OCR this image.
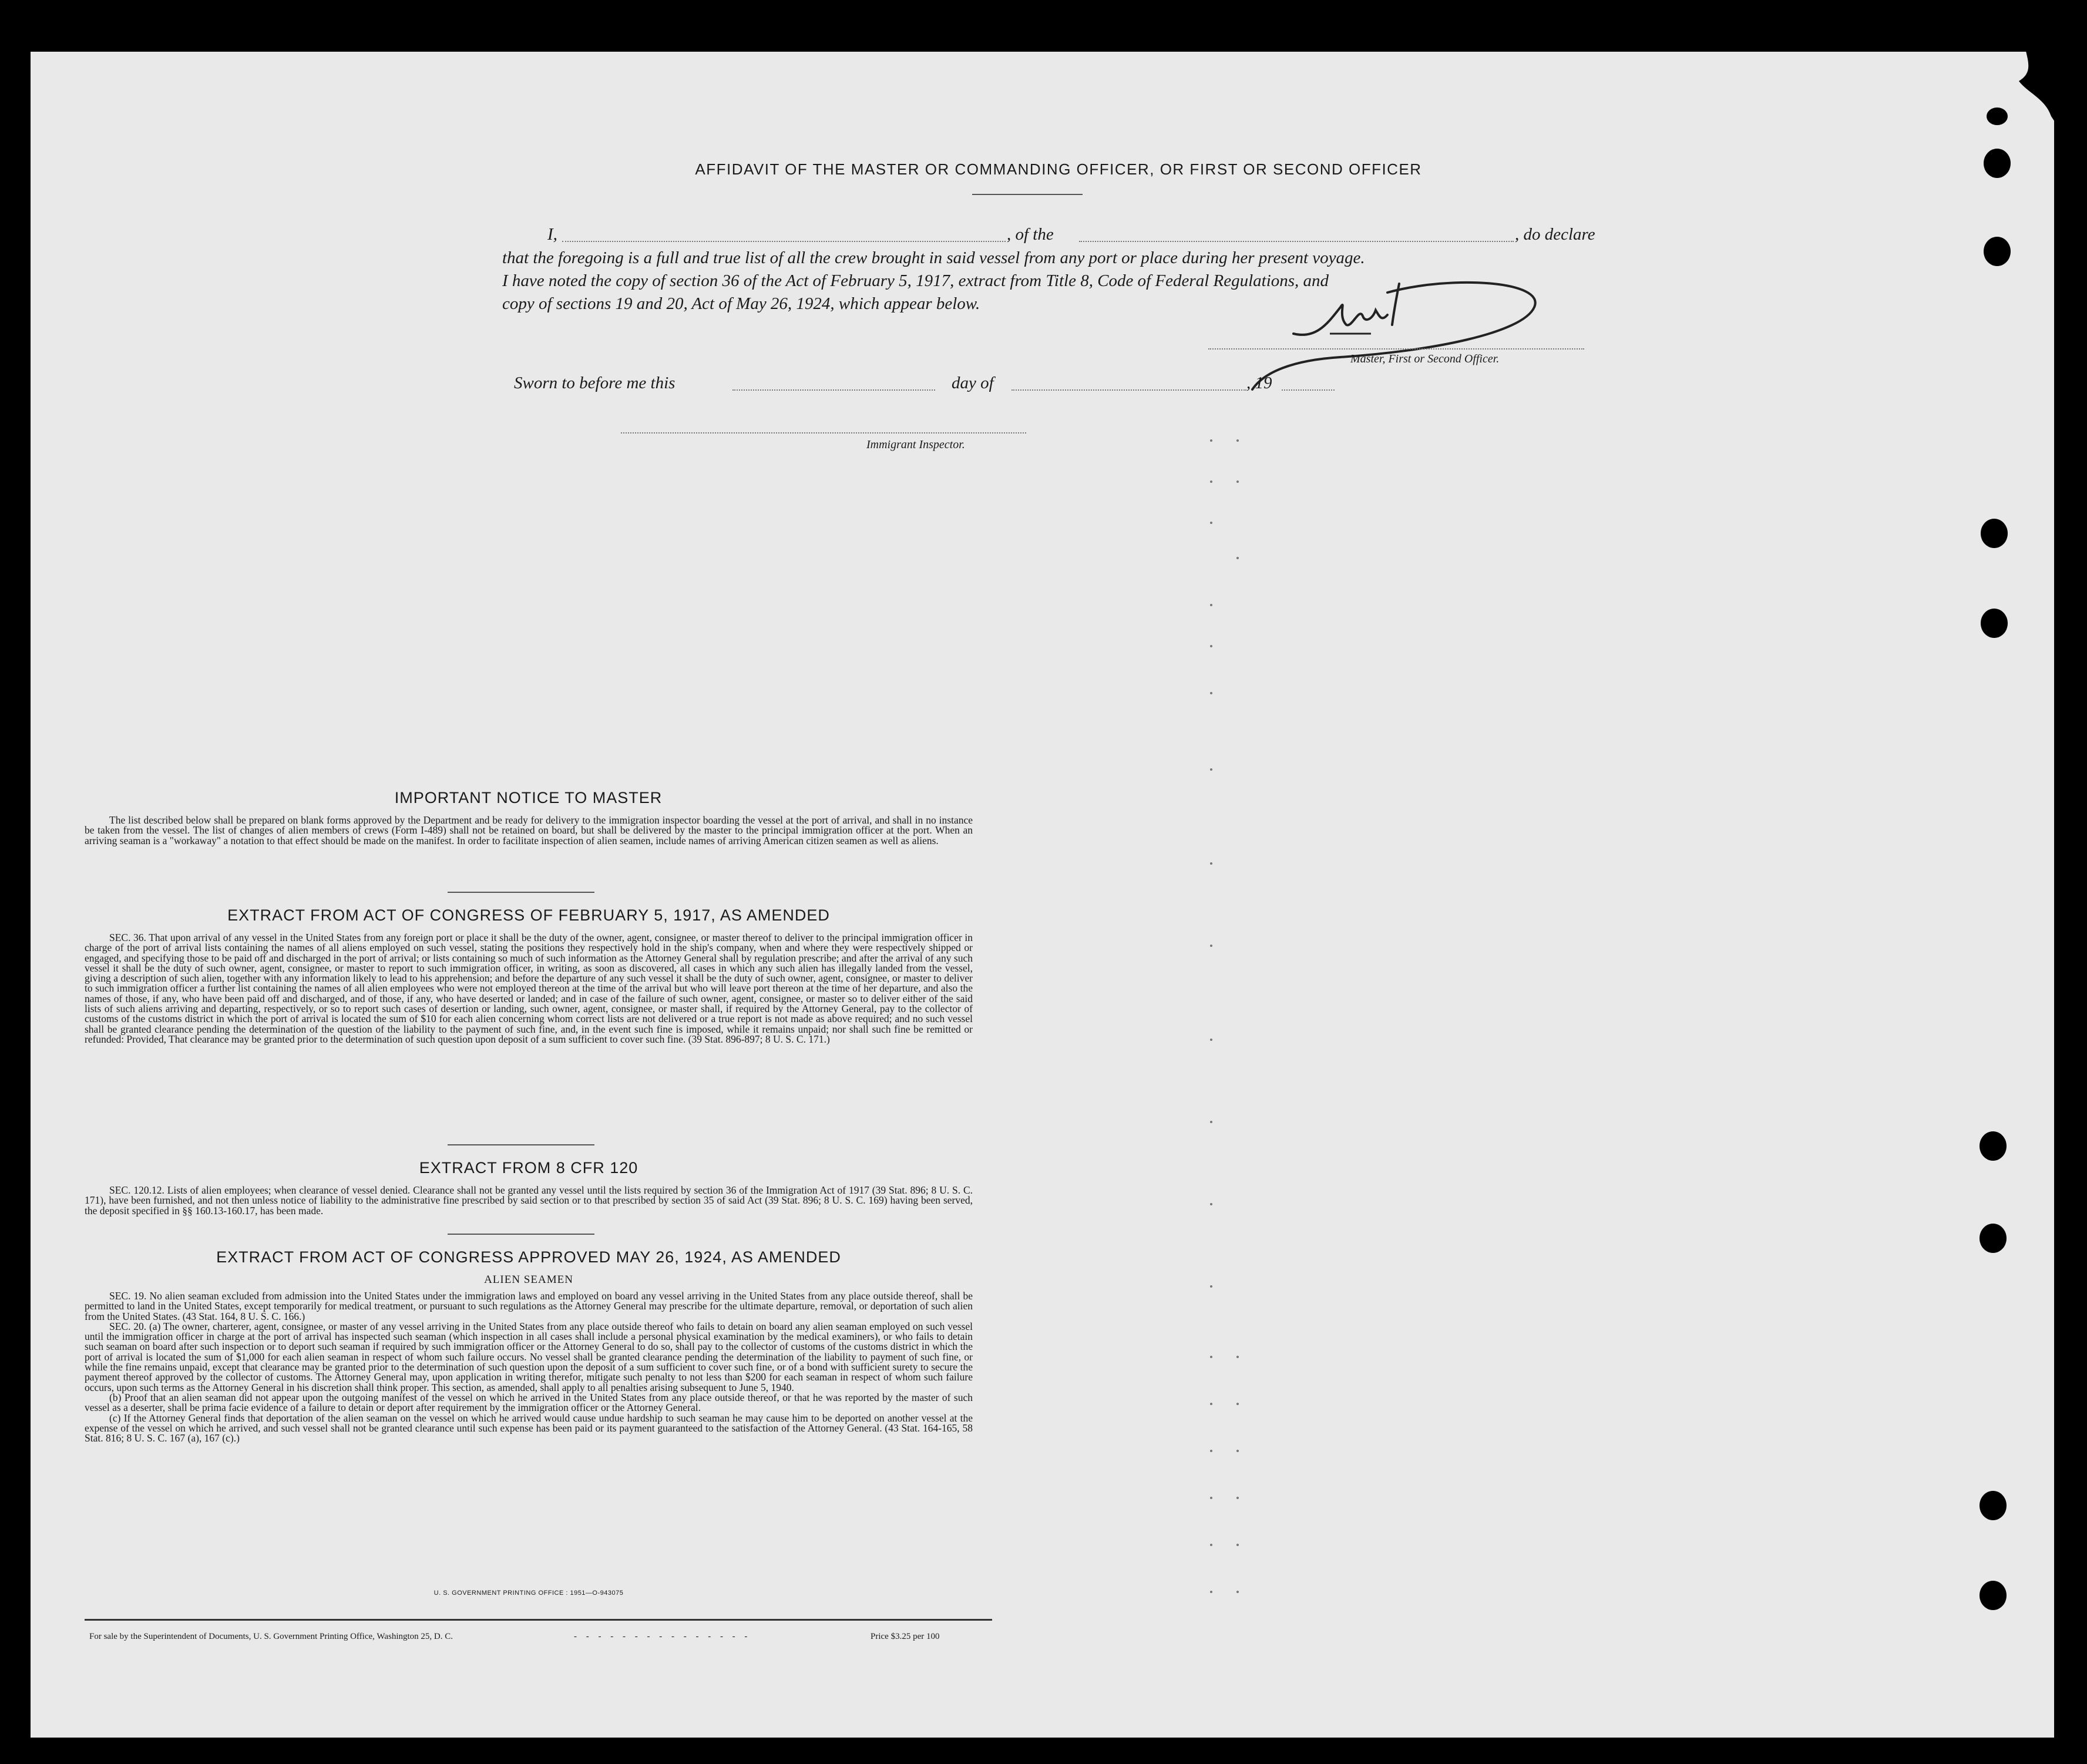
AFFIDAVIT OF THE MASTER OR COMMANDING OFFICER, OR FIRST OR SECOND OFFICER
I,	, of the	, do declare
that the foregoing is a full and true list of all the crew brought in said vessel from any port or place during her present voyage.
I have noted the copy of section 36 of the Act of February 5, 1917, extract from Title 8, Code of Federal Regulations, and
copy of sections 19 and 20, Act of May 26, 1924, which appear below.
Master, First or Second Officer.
Sworn to before me this	day of	, 19
Immigrant Inspector.
IMPORTANT NOTICE TO MASTER

The list described below shall be prepared on blank forms approved by the Department and be ready for delivery to the immigration inspector boarding the vessel at the port of arrival, and shall in no instance be taken from the vessel. The list of changes of alien members of crews (Form I-489) shall not be retained on board, but shall be delivered by the master to the principal immigration officer at the port. When an arriving seaman is a "workaway" a notation to that effect should be made on the manifest. In order to facilitate inspection of alien seamen, include names of arriving American citizen seamen as well as aliens.

EXTRACT FROM ACT OF CONGRESS OF FEBRUARY 5, 1917, AS AMENDED

SEC. 36. That upon arrival of any vessel in the United States from any foreign port or place it shall be the duty of the owner, agent, consignee, or master thereof to deliver to the principal immigration officer in charge of the port of arrival lists containing the names of all aliens employed on such vessel, stating the positions they respectively hold in the ship's company, when and where they were respectively shipped or engaged, and specifying those to be paid off and discharged in the port of arrival; or lists containing so much of such information as the Attorney General shall by regulation prescribe; and after the arrival of any such vessel it shall be the duty of such owner, agent, consignee, or master to report to such immigration officer, in writing, as soon as discovered, all cases in which any such alien has illegally landed from the vessel, giving a description of such alien, together with any information likely to lead to his apprehension; and before the departure of any such vessel it shall be the duty of such owner, agent, consignee, or master to deliver to such immigration officer a further list containing the names of all alien employees who were not employed thereon at the time of the arrival but who will leave port thereon at the time of her departure, and also the names of those, if any, who have been paid off and discharged, and of those, if any, who have deserted or landed; and in case of the failure of such owner, agent, consignee, or master so to deliver either of the said lists of such aliens arriving and departing, respectively, or so to report such cases of desertion or landing, such owner, agent, consignee, or master shall, if required by the Attorney General, pay to the collector of customs of the customs district in which the port of arrival is located the sum of $10 for each alien concerning whom correct lists are not delivered or a true report is not made as above required; and no such vessel shall be granted clearance pending the determination of the question of the liability to the payment of such fine, and, in the event such fine is imposed, while it remains unpaid; nor shall such fine be remitted or refunded: Provided, That clearance may be granted prior to the determination of such question upon deposit of a sum sufficient to cover such fine. (39 Stat. 896-897; 8 U. S. C. 171.)

EXTRACT FROM 8 CFR 120

SEC. 120.12. Lists of alien employees; when clearance of vessel denied. Clearance shall not be granted any vessel until the lists required by section 36 of the Immigration Act of 1917 (39 Stat. 896; 8 U. S. C. 171), have been furnished, and not then unless notice of liability to the administrative fine prescribed by said section or to that prescribed by section 35 of said Act (39 Stat. 896; 8 U. S. C. 169) having been served, the deposit specified in §§ 160.13-160.17, has been made.

EXTRACT FROM ACT OF CONGRESS APPROVED MAY 26, 1924, AS AMENDED
ALIEN SEAMEN

SEC. 19. No alien seaman excluded from admission into the United States under the immigration laws and employed on board any vessel arriving in the United States from any place outside thereof, shall be permitted to land in the United States, except temporarily for medical treatment, or pursuant to such regulations as the Attorney General may prescribe for the ultimate departure, removal, or deportation of such alien from the United States. (43 Stat. 164, 8 U. S. C. 166.)

SEC. 20. (a) The owner, charterer, agent, consignee, or master of any vessel arriving in the United States from any place outside thereof who fails to detain on board any alien seaman employed on such vessel until the immigration officer in charge at the port of arrival has inspected such seaman (which inspection in all cases shall include a personal physical examination by the medical examiners), or who fails to detain such seaman on board after such inspection or to deport such seaman if required by such immigration officer or the Attorney General to do so, shall pay to the collector of customs of the customs district in which the port of arrival is located the sum of $1,000 for each alien seaman in respect of whom such failure occurs. No vessel shall be granted clearance pending the determination of the liability to payment of such fine, or while the fine remains unpaid, except that clearance may be granted prior to the determination of such question upon the deposit of a sum sufficient to cover such fine, or of a bond with sufficient surety to secure the payment thereof approved by the collector of customs. The Attorney General may, upon application in writing therefor, mitigate such penalty to not less than $200 for each seaman in respect of whom such failure occurs, upon such terms as the Attorney General in his discretion shall think proper. This section, as amended, shall apply to all penalties arising subsequent to June 5, 1940.

(b) Proof that an alien seaman did not appear upon the outgoing manifest of the vessel on which he arrived in the United States from any place outside thereof, or that he was reported by the master of such vessel as a deserter, shall be prima facie evidence of a failure to detain or deport after requirement by the immigration officer or the Attorney General.

(c) If the Attorney General finds that deportation of the alien seaman on the vessel on which he arrived would cause undue hardship to such seaman he may cause him to be deported on another vessel at the expense of the vessel on which he arrived, and such vessel shall not be granted clearance until such expense has been paid or its payment guaranteed to the satisfaction of the Attorney General. (43 Stat. 164-165, 58 Stat. 816; 8 U. S. C. 167 (a), 167 (c).)

U. S. GOVERNMENT PRINTING OFFICE : 1951—O-943075
For sale by the Superintendent of Documents, U. S. Government Printing Office, Washington 25, D. C.	- - - - - - - - - - - - - - -	Price $3.25 per 100
